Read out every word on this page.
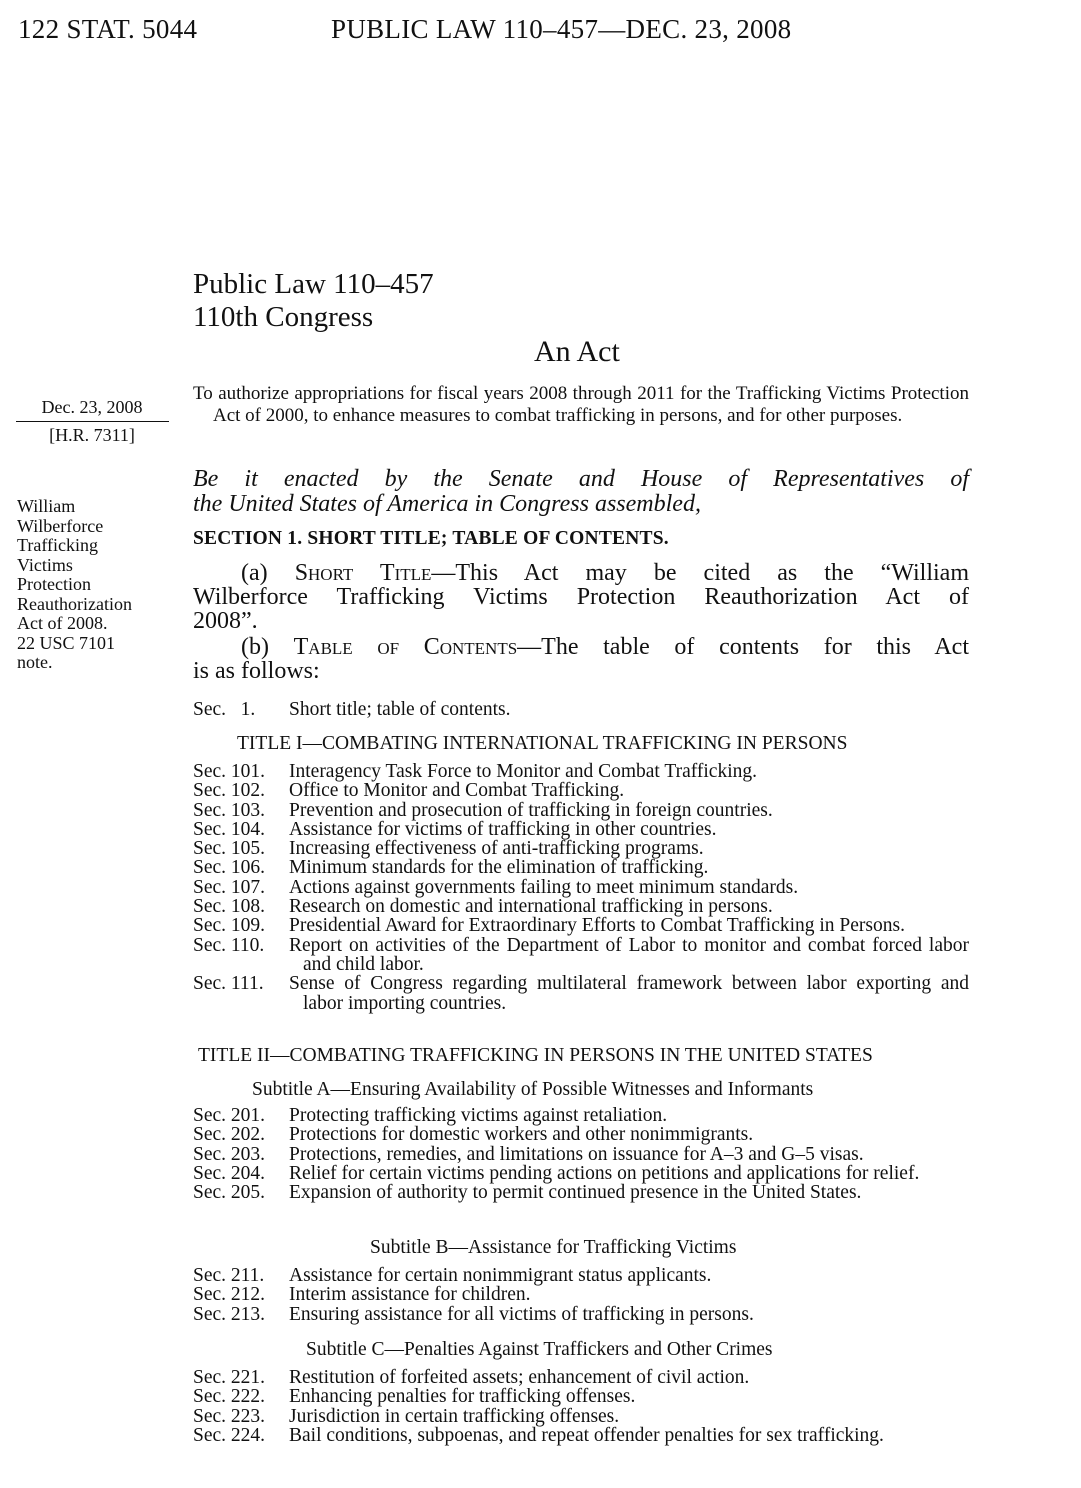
122 STAT. 5044	PUBLIC LAW 110–457—DEC. 23, 2008
Public Law 110–457
110th Congress
An Act
Dec. 23, 2008
[H.R. 7311]
William
Wilberforce
Trafficking
Victims
Protection
Reauthorization
Act of 2008.
22 USC 7101
note.
To authorize appropriations for fiscal years 2008 through 2011 for the Trafficking Victims Protection Act of 2000, to enhance measures to combat trafficking in persons, and for other purposes.
Be it enacted by the Senate and House of Representatives of
the United States of America in Congress assembled,
SECTION 1. SHORT TITLE; TABLE OF CONTENTS.
(a) Short Title—This Act may be cited as the “William
Wilberforce Trafficking Victims Protection Reauthorization Act of
2008”.
(b) Table of Contents—The table of contents for this Act
is as follows:
Sec.   1.	Short title; table of contents.
TITLE I—COMBATING INTERNATIONAL TRAFFICKING IN PERSONS
Sec. 101.	Interagency Task Force to Monitor and Combat Trafficking.
Sec. 102.	Office to Monitor and Combat Trafficking.
Sec. 103.	Prevention and prosecution of trafficking in foreign countries.
Sec. 104.	Assistance for victims of trafficking in other countries.
Sec. 105.	Increasing effectiveness of anti-trafficking programs.
Sec. 106.	Minimum standards for the elimination of trafficking.
Sec. 107.	Actions against governments failing to meet minimum standards.
Sec. 108.	Research on domestic and international trafficking in persons.
Sec. 109.	Presidential Award for Extraordinary Efforts to Combat Trafficking in Persons.
Sec. 110.	Report on activities of the Department of Labor to monitor and combat forced labor and child labor.
Sec. 111.	Sense of Congress regarding multilateral framework between labor exporting and labor importing countries.
TITLE II—COMBATING TRAFFICKING IN PERSONS IN THE UNITED STATES
Subtitle A—Ensuring Availability of Possible Witnesses and Informants
Sec. 201.	Protecting trafficking victims against retaliation.
Sec. 202.	Protections for domestic workers and other nonimmigrants.
Sec. 203.	Protections, remedies, and limitations on issuance for A–3 and G–5 visas.
Sec. 204.	Relief for certain victims pending actions on petitions and applications for relief.
Sec. 205.	Expansion of authority to permit continued presence in the United States.
Subtitle B—Assistance for Trafficking Victims
Sec. 211.	Assistance for certain nonimmigrant status applicants.
Sec. 212.	Interim assistance for children.
Sec. 213.	Ensuring assistance for all victims of trafficking in persons.
Subtitle C—Penalties Against Traffickers and Other Crimes
Sec. 221.	Restitution of forfeited assets; enhancement of civil action.
Sec. 222.	Enhancing penalties for trafficking offenses.
Sec. 223.	Jurisdiction in certain trafficking offenses.
Sec. 224.	Bail conditions, subpoenas, and repeat offender penalties for sex trafficking.
